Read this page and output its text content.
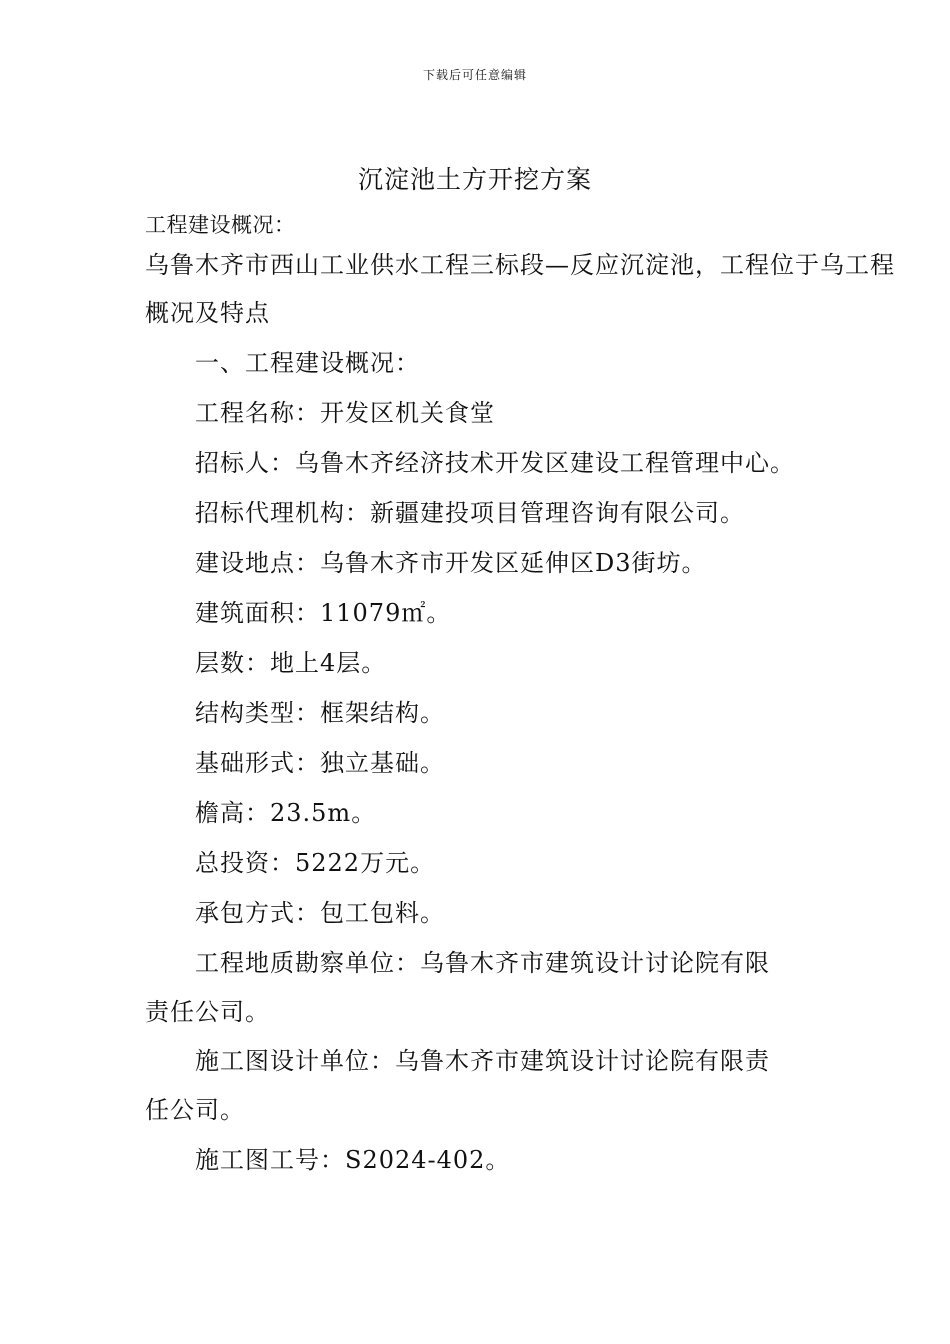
下载后可任意编辑
沉淀池土方开挖方案
工程建设概况：
乌鲁木齐市西山工业供水工程三标段—反应沉淀池，工程位于乌工程
概况及特点
一、工程建设概况：
工程名称：开发区机关食堂
招标人：乌鲁木齐经济技术开发区建设工程管理中心。
招标代理机构：新疆建投项目管理咨询有限公司。
建设地点：乌鲁木齐市开发区延伸区D3街坊。
建筑面积：11079㎡。
层数：地上4层。
结构类型：框架结构。
基础形式：独立基础。
檐高：23.5m。
总投资：5222万元。
承包方式：包工包料。
工程地质勘察单位：乌鲁木齐市建筑设计讨论院有限
责任公司。
施工图设计单位：乌鲁木齐市建筑设计讨论院有限责
任公司。
施工图工号：S2024-402。
